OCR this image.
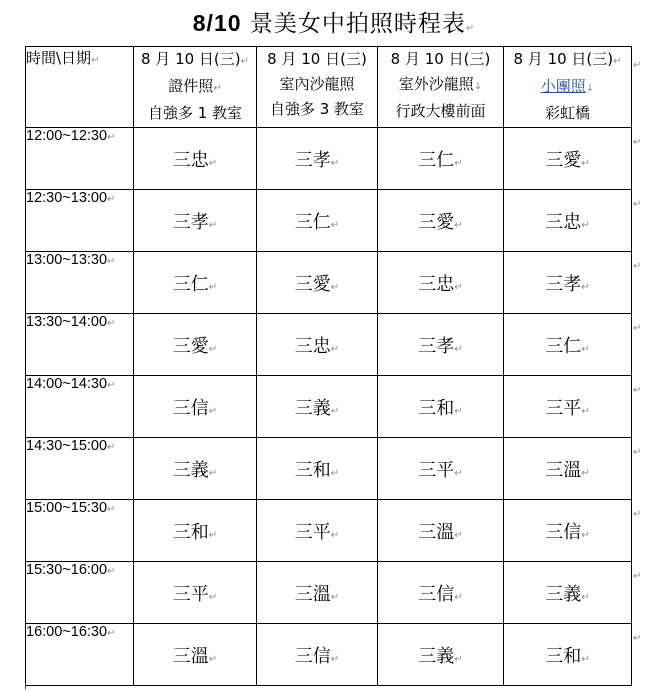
8/10 景美女中拍照時程表↵
時間\日期↵	8 月 10 日(三)↵
證件照↵
自強多 1 教室	8 月 10 日(三)
室內沙龍照
自強多 3 教室	8 月 10 日(三)
室外沙龍照↓
行政大樓前面	8 月 10 日(三)↵
小團照↓
彩虹橋

12:00~12:30↵	三忠↵	三孝↵	三仁↵	三愛↵
12:30~13:00↵	三孝↵	三仁↵	三愛↵	三忠↵
13:00~13:30↵	三仁↵	三愛↵	三忠↵	三孝↵
13:30~14:00↵	三愛↵	三忠↵	三孝↵	三仁↵
14:00~14:30↵	三信↵	三義↵	三和↵	三平↵
14:30~15:00↵	三義↵	三和↵	三平↵	三溫↵
15:00~15:30↵	三和↵	三平↵	三溫↵	三信↵
15:30~16:00↵	三平↵	三溫↵	三信↵	三義↵
16:00~16:30↵	三溫↵	三信↵	三義↵	三和↵
↵
↵
↵
↵
↵
↵
↵
↵
↵
↵
